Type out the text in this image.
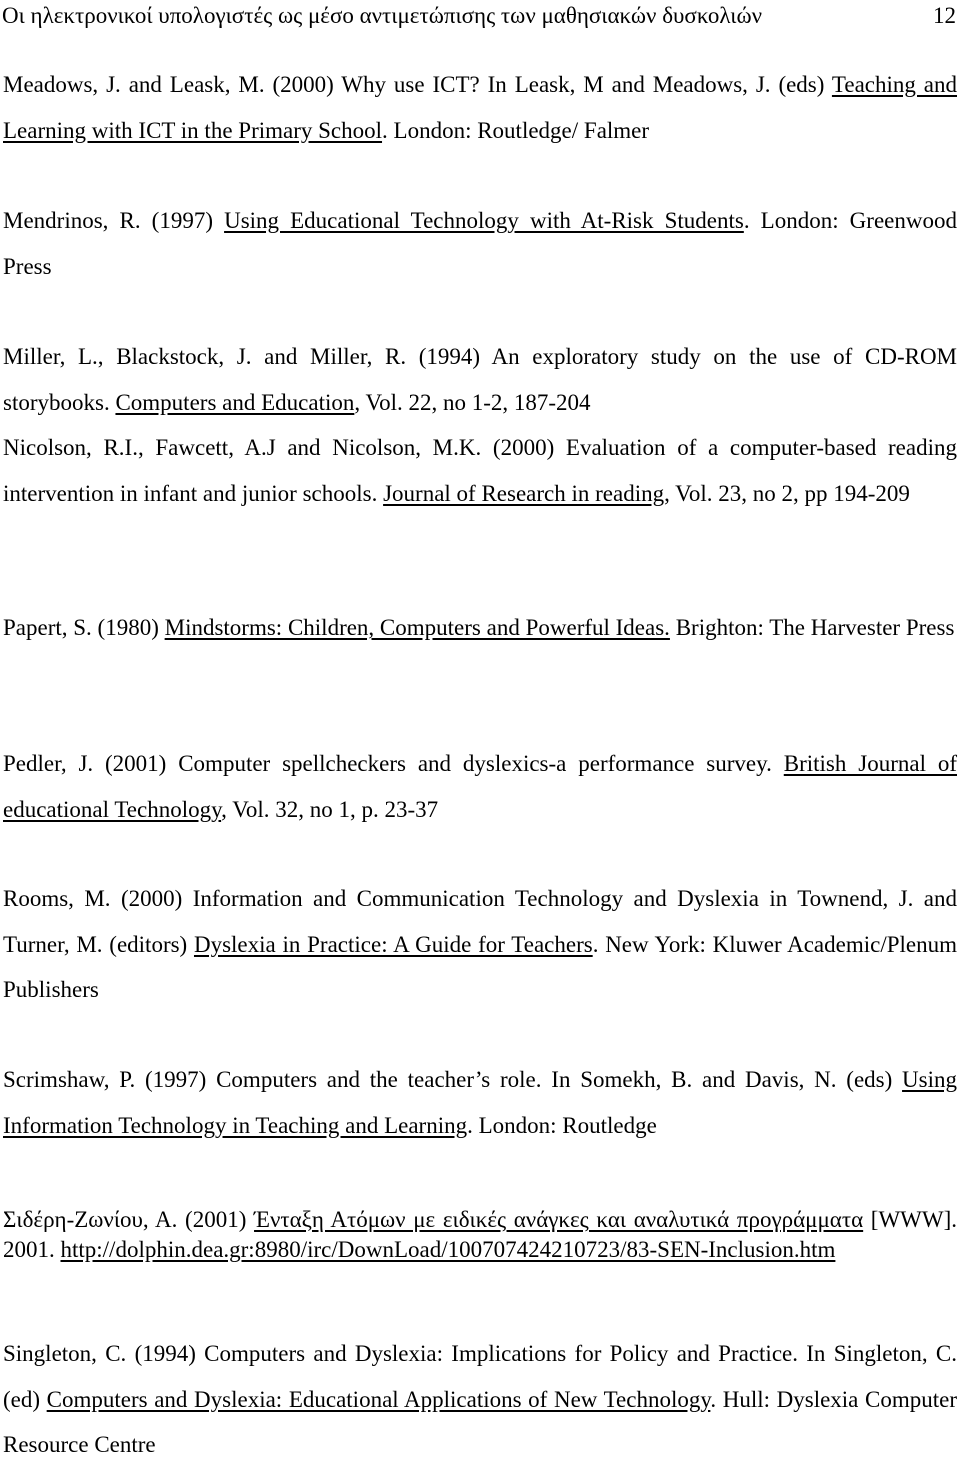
Οι ηλεκτρονικοί υπολογιστές ως μέσο αντιμετώπισης των μαθησιακών δυσκολιών	12
Meadows, J. and Leask, M. (2000) Why use ICT? In Leask, M and Meadows, J. (eds) Teaching and Learning with ICT in the Primary School. London: Routledge/ Falmer
Mendrinos, R. (1997) Using Educational Technology with At-Risk Students. London: Greenwood Press
Miller, L., Blackstock, J. and Miller, R. (1994) An exploratory study on the use of CD-ROM storybooks. Computers and Education, Vol. 22, no 1-2, 187-204
Nicolson, R.I., Fawcett, A.J and Nicolson, M.K. (2000) Evaluation of a computer-based reading intervention in infant and junior schools. Journal of Research in reading, Vol. 23, no 2, pp 194-209
Papert, S. (1980) Mindstorms: Children, Computers and Powerful Ideas. Brighton: The Harvester Press
Pedler, J. (2001) Computer spellcheckers and dyslexics-a performance survey. British Journal of educational Technology, Vol. 32, no 1, p. 23-37
Rooms, M. (2000) Information and Communication Technology and Dyslexia in Townend, J. and Turner, M. (editors) Dyslexia in Practice: A Guide for Teachers. New York: Kluwer Academic/Plenum Publishers
Scrimshaw, P. (1997) Computers and the teacher’s role. In Somekh, B. and Davis, N. (eds) Using Information Technology in Teaching and Learning. London: Routledge
Σιδέρη-Ζωνίου, Α. (2001) Ένταξη Ατόμων με ειδικές ανάγκες και αναλυτικά προγράμματα [WWW]. 2001. http://dolphin.dea.gr:8980/irc/DownLoad/100707424210723/83-SEN-Inclusion.htm
Singleton, C. (1994) Computers and Dyslexia: Implications for Policy and Practice. In Singleton, C. (ed) Computers and Dyslexia: Educational Applications of New Technology. Hull: Dyslexia Computer Resource Centre
